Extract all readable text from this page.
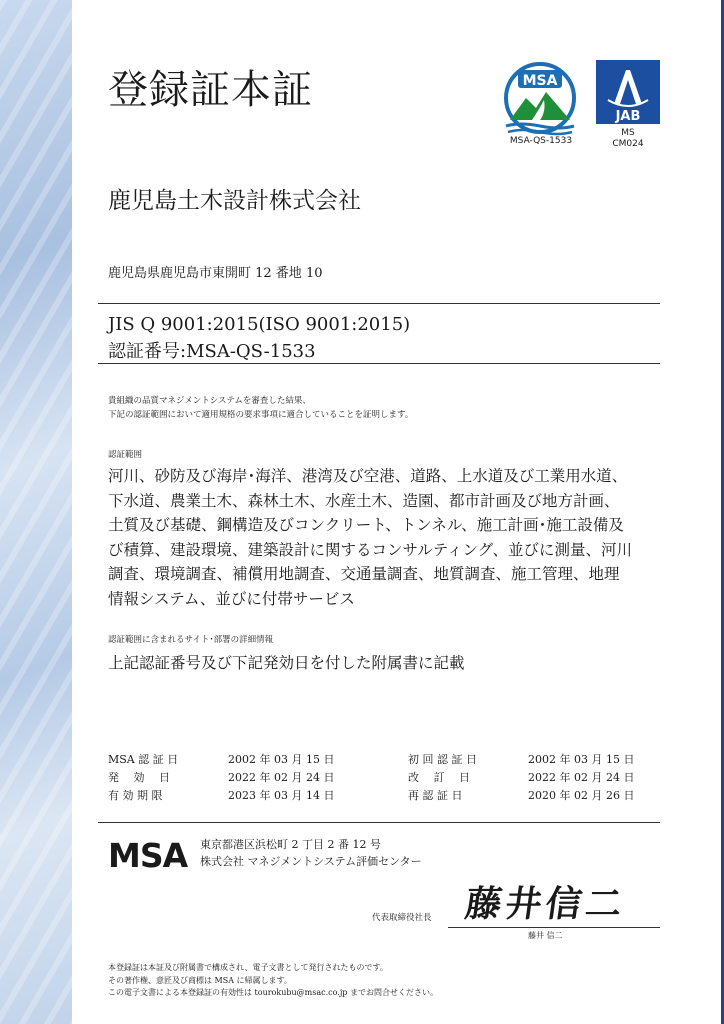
登録証本証	MSA
MSA-QS-1533
JAB
MS
CM024
鹿児島土木設計株式会社
鹿児島県鹿児島市東開町 12 番地 10
JIS Q 9001:2015(ISO 9001:2015)
認証番号:MSA-QS-1533
貴組織の品質マネジメントシステムを審査した結果、
下記の認証範囲において適用規格の要求事項に適合していることを証明します。
認証範囲
河川、砂防及び海岸･海洋、港湾及び空港、道路、上水道及び工業用水道、
下水道、農業土木、森林土木、水産土木、造園、都市計画及び地方計画、
土質及び基礎、鋼構造及びコンクリート、トンネル、施工計画･施工設備及
び積算、建設環境、建築設計に関するコンサルティング、並びに測量、河川
調査、環境調査、補償用地調査、交通量調査、地質調査、施工管理、地理
情報システム、並びに付帯サービス
認証範囲に含まれるサイト･部署の詳細情報
上記認証番号及び下記発効日を付した附属書に記載
MSA 認 証 日	2002 年 03 月 15 日	初 回 認 証 日	2002 年 03 月 15 日
発　 効　 日	2022 年 02 月 24 日	改　 訂　 日	2022 年 02 月 24 日
有 効 期 限	2023 年 03 月 14 日	再 認 証 日	2020 年 02 月 26 日
MSA 東京都港区浜松町 2 丁目 2 番 12 号
株式会社 マネジメントシステム評価センター
代表取締役社長 藤井信二
藤井 信二
本登録証は本証及び附属書で構成され、電子文書として発行されたものです。
その著作権、意匠及び商標は MSA に帰属します。
この電子文書による本登録証の有効性は tourokubu@msac.co.jp までお問合せください。
